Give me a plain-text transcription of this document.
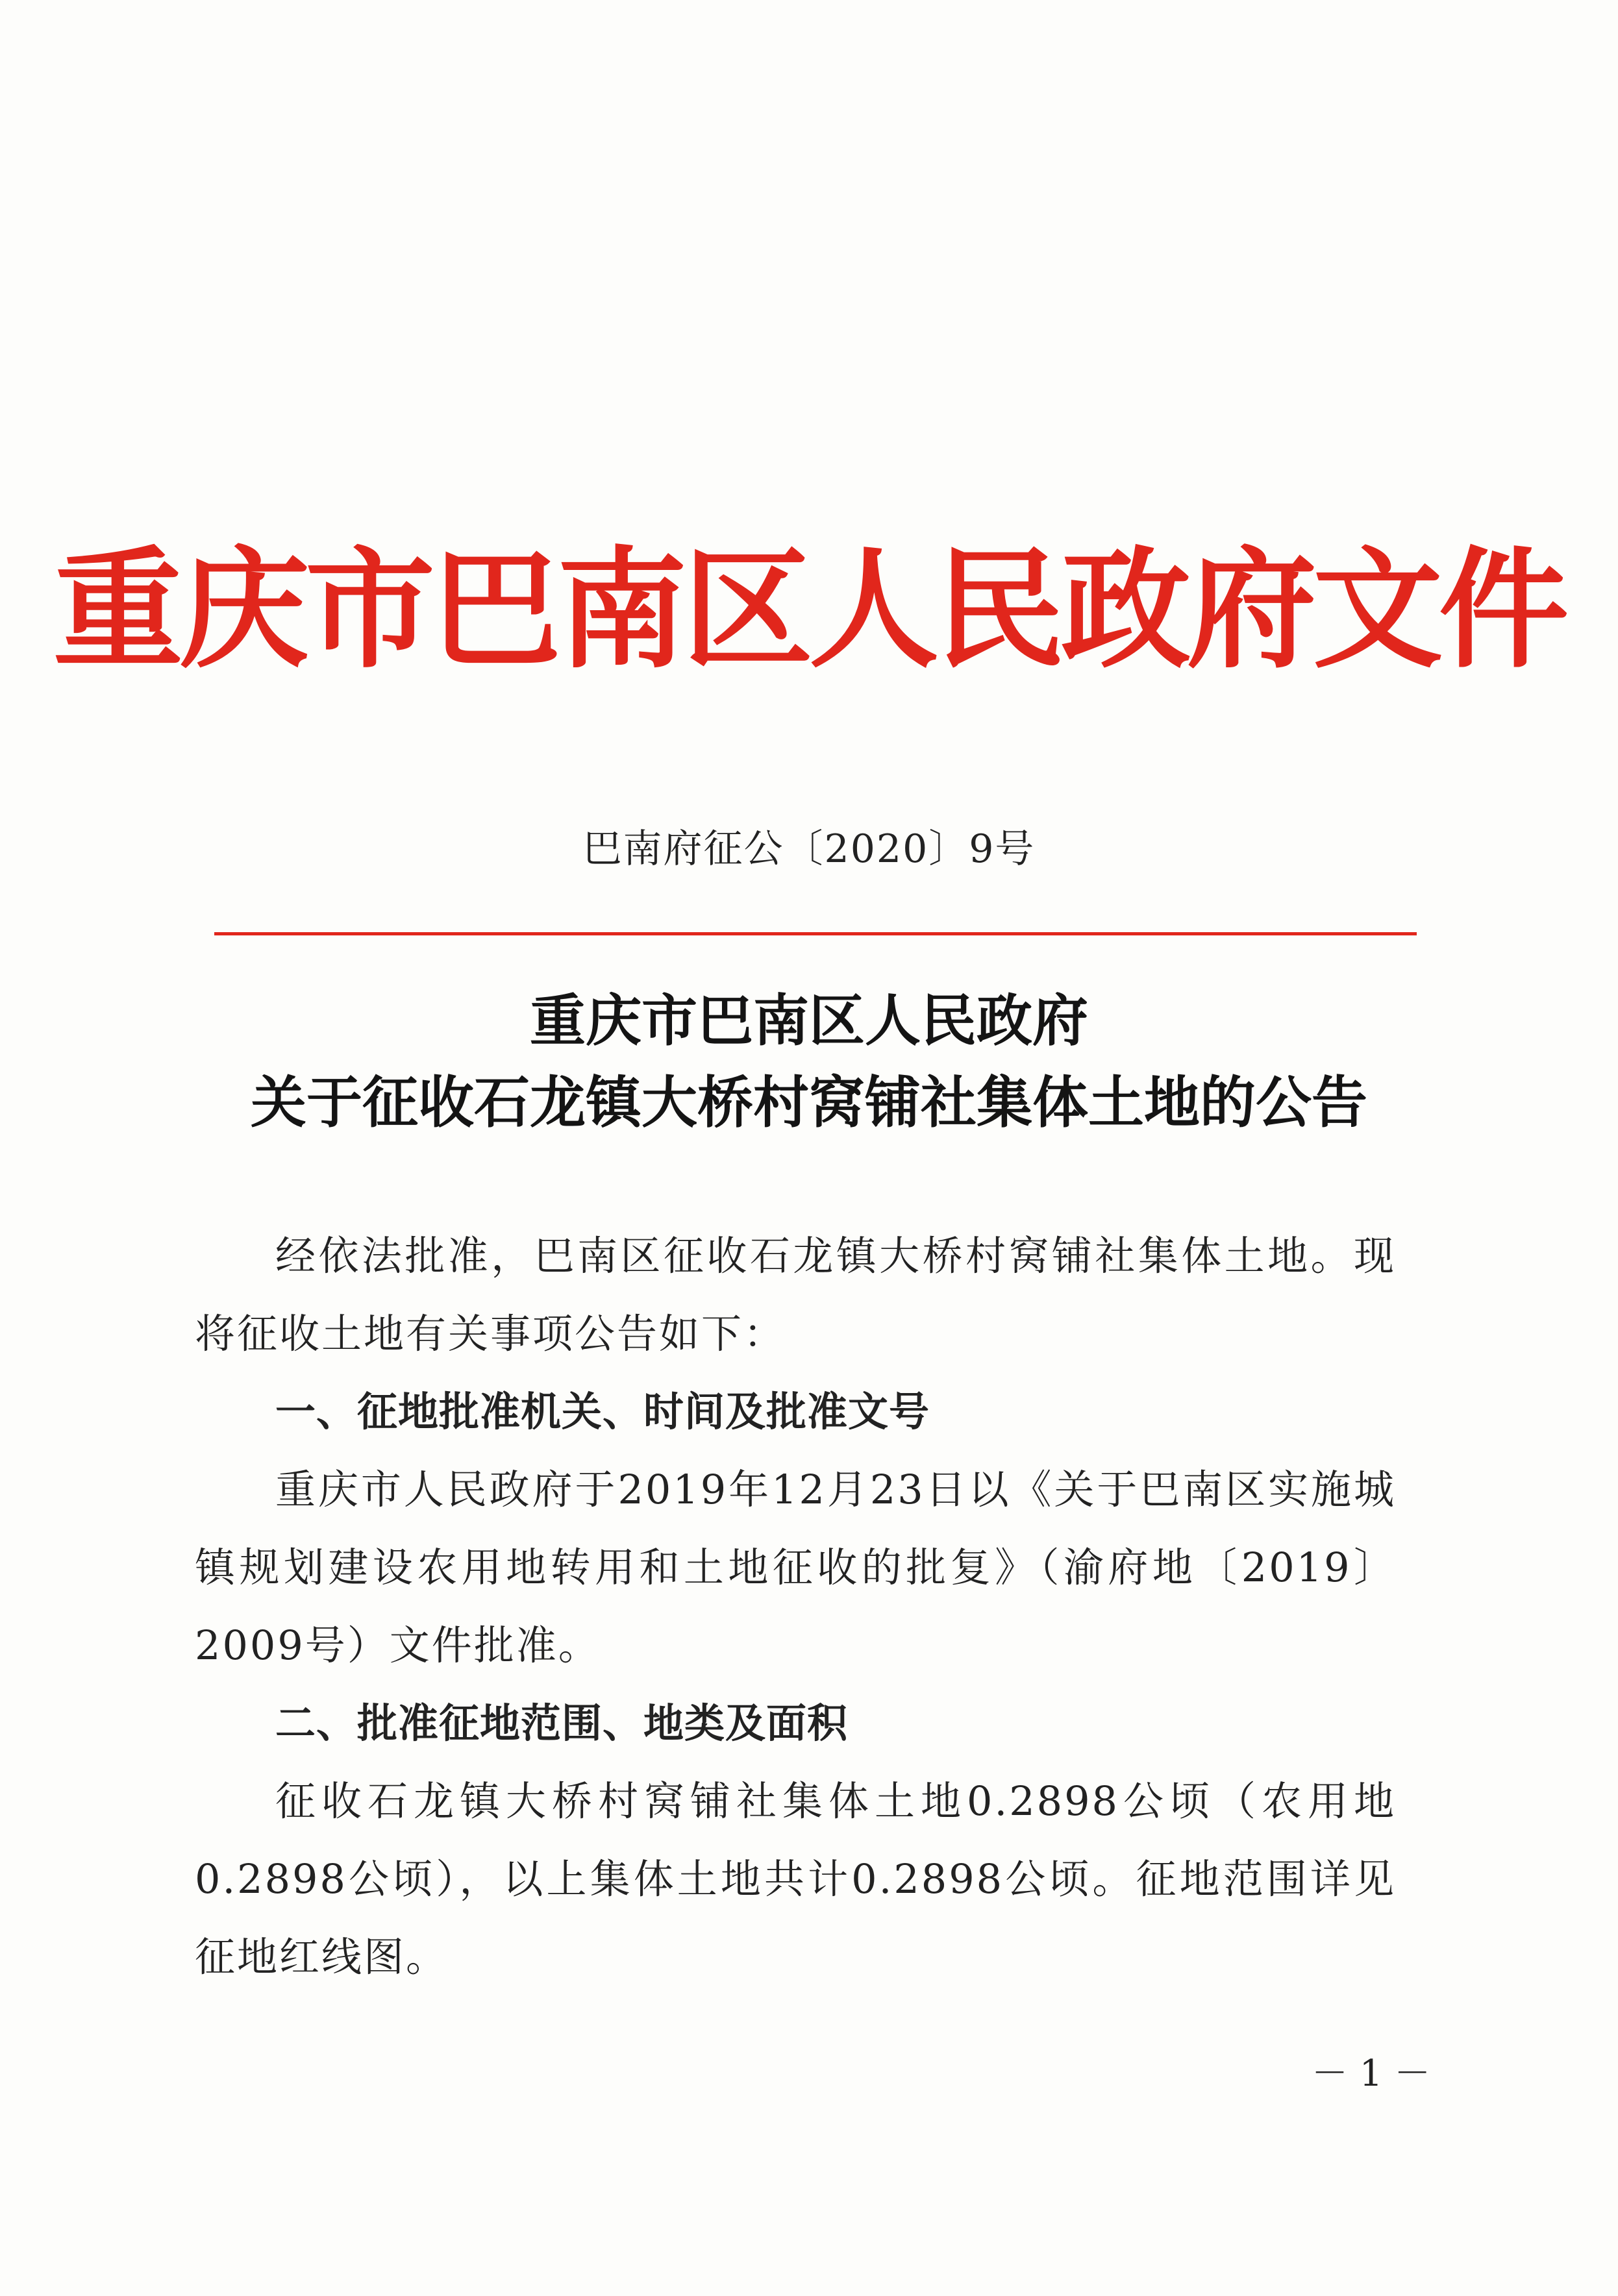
重庆市巴南区人民政府文件
巴南府征公〔2020〕9号
重庆市巴南区人民政府
关于征收石龙镇大桥村窝铺社集体土地的公告

经依法批准，巴南区征收石龙镇大桥村窝铺社集体土地。现将征收土地有关事项公告如下：

一、征地批准机关、时间及批准文号

重庆市人民政府于2019年12月23日以《关于巴南区实施城镇规划建设农用地转用和土地征收的批复》（渝府地〔2019〕2009号）文件批准。

二、批准征地范围、地类及面积

征收石龙镇大桥村窝铺社集体土地0.2898公顷（农用地0.2898公顷），以上集体土地共计0.2898公顷。征地范围详见征地红线图。

－ 1 －
